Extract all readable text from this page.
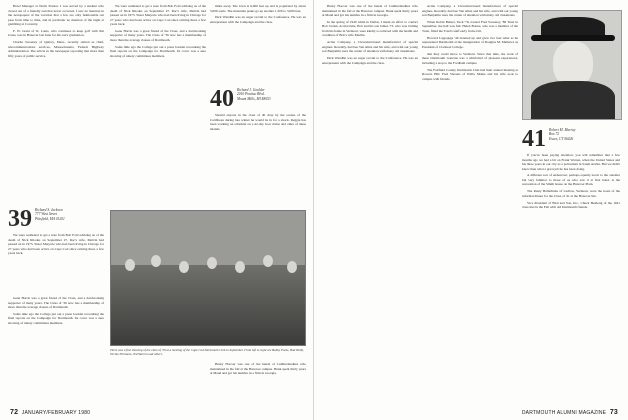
Hotel Manager at North Station. I was served by a student who closed out of a friendly end that never occurred. I saw no mention in the newspapers of the vacation that a few are only fashionable out pass from time to time, and in particular no mention of the night at gambling at Coventry.

F. W. Grant of St. Louis, who continues to keep golf with Jim Jones, was in Hanover last June for his son's graduation.

Charlie Sweeney of Quincy, Mass., recently retired as chief, telecommunications services, Massachusetts, Federal Highway Administration. The article in the newspaper reporting that more than fifty years of public service.

39 Richard S. Jackson
777 West Street
Pittsfield, MA 01201

We were saddened to get a note from Bob Fold advising us of the death of Nick Rhodes on September 27. Rac's wife, Melvin had passed on in 1975. Sister Marjorie who had been living in Chicago for 27 years who had been active on Cape Cod since retiring there a few years back.

Gene Harris was a great friend of the Class, and a hardworking supporter of many years. The Class of '39 now has a membership of more than the average classes of Dartmouth.

Some time ago the College put out a press booklet recounting the final reports on the Campaign for Dartmouth. Its cover was a sure showing of ninety committees members.

We were saddened to get a note from Bob Fold advising us of the death of Nick Rhodes on September 27. Rac's wife, Melvin had passed on in 1975. Sister Marjorie who had been living in Chicago for 27 years who had been active on Cape Cod since retiring there a few years back.

Gene Harris was a great friend of the Class, and a hardworking supporter of many years. The Class of '39 now has a membership of more than the average classes of Dartmouth.

Some time ago the College put out a press booklet recounting the final reports on the Campaign for Dartmouth. Its cover was a sure showing of ninety committees members.

miles away. The town is 6,000 feet up and is populated by about 5,000 souls. The mountain peaks go up another 1,500 to 3,000 feet.

Dick Wandlin was an eager recruit to the Conference. He was an entrepreneur with the Campaign and the class.

40 Richard J. Goulder
2010 Pontiac Blvd.
Mount Mills, MI 48053

Should anyone in the class of 40 drop by the scenes of the Caribbean during late winter he would be in for a shock. Reggie has been working on schedule on a 42-day boat cruise and other of these islands.

There was a fine showing of the class of '39 at a meeting of the Cape Cod Dartmouth Club in September. From left to right are Bobby Poole, Bud Wolfe, Orchie Ehrmann, Ted Warren and others.

Henry Hoover was one of the hands of Cumberlandites who maintained in the fall at the Hanover campus. Hank spent thirty years at Maud and got his number in a firm in Georgia.

72 JANUARY/FEBRUARY 1980

Henry Hoover was one of the hands of Cumberlandites who maintained in the fall at the Hanover campus. Hank spent thirty years at Maud and got his number in a firm in Georgia.

In the spring of 1940 while in Dallas, I made an effort to contact Bob Jordan. At that time, Bob and his son James '73, who was visiting from his home in Vermont, were kindly so relieved with the health and condition of Bob's wife Martha.

Acme Company, a Cleveland-based manufacturer of special engines. Recently, had bee Van Allen and his wife, and with our young son Benjamin were the center of attention with many old classmates.

Dick Wandlin was an eager recruit to the Conference. He was an entrepreneur with the Campaign and the class.

Acme Company, a Cleveland-based manufacturer of special engines. Recently, had bee Van Allen and his wife, and with our young son Benjamin were the center of attention with many old classmates.

When Robin Barker, Tuck '76, treated Fred Sweeney, '89 Trust in September, the hall was full. Helen Bonne, who was a member of the Trust, filled the Trust's staff early in the fall.

Howard Lappajage '40 donated up and grew two feet taller as he represented Dartmouth at the inauguration of Douglas M. Mathews as President of Clarkson College.

that they could move to Vermont. Since that time, the work of these Dartmouth veterans was a whirlwind of pleasant experiences, including a stop to the Fordham campus.

The Fairfield County Dartmouth Club had their annual meeting at Rowers Hill. Fred Stevens of Wells, Maine and his wife took to campus with friends.

41 Robert M. Murray
Box 72
Essex, CT 06426

If you've been paying attention, you will remember that a few months ago we had a bit on Frank Warren, when the United States and his three years in our city as a policeman in Saudi Arabia. But we didn't know then what a great job he has been doing.

A different sort of endeavour, perhaps equally novel to the outsider but very familiar to those of us who saw it at first hand, is the restoration of the Smith house on the Hanover Plain.

The Rusty Hallerlinks of Ludlow, Vermont, were the hosts of the informal dinner for the Class of '41 at the Hanover Inn.

Vice President of Bird and Son, Inc., Chuck Heiderig of the 1941 class met in the Fall with old Dartmouth friends.

DARTMOUTH ALUMNI MAGAZINE 73
